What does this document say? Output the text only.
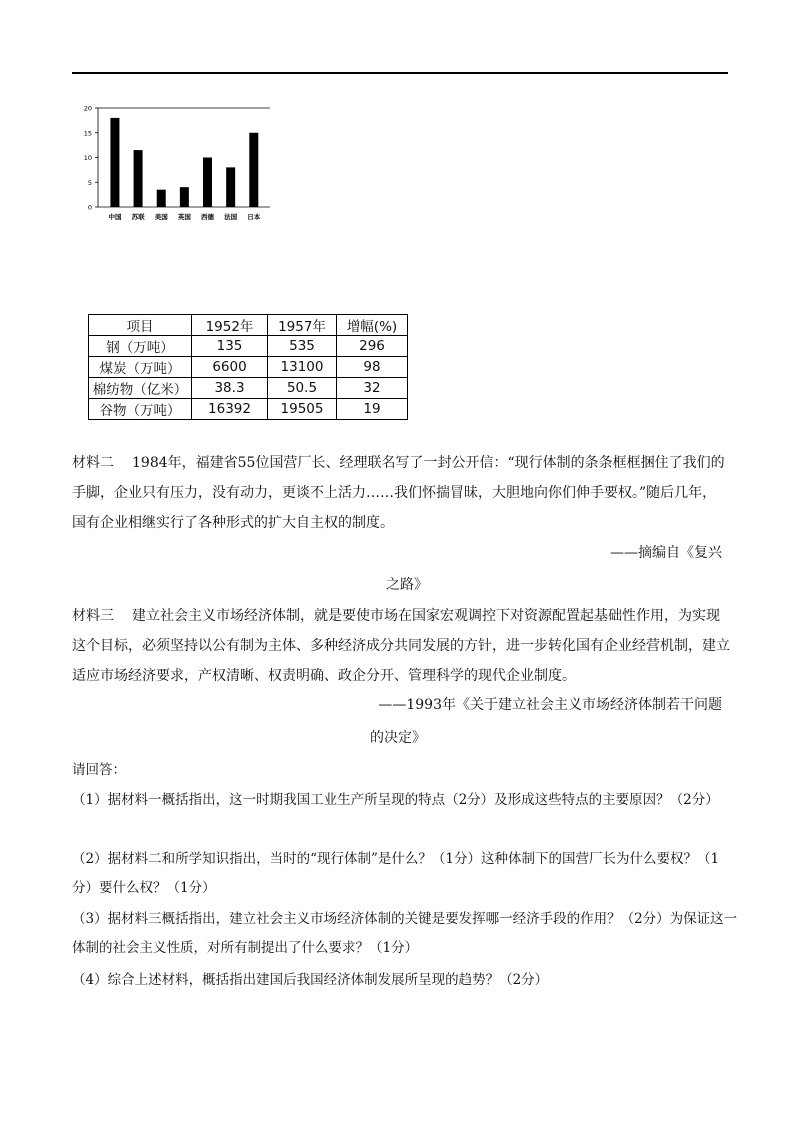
0
5
10
15
20
中国 苏联 美国 英国 西德 法国 日本
项目	1952年	1957年	增幅(%)
钢（万吨）	135	535	296
煤炭（万吨）	6600	13100	98
棉纺物（亿米）	38.3	50.5	32
谷物（万吨）	16392	19505	19

材料二 1984年，福建省55位国营厂长、经理联名写了一封公开信：“现行体制的条条框框捆住了我们的手脚，企业只有压力，没有动力，更谈不上活力……我们怀揣冒昧，大胆地向你们伸手要权。”随后几年，国有企业相继实行了各种形式的扩大自主权的制度。

——摘编自《复兴

之路》

材料三 建立社会主义市场经济体制，就是要使市场在国家宏观调控下对资源配置起基础性作用，为实现这个目标，必须坚持以公有制为主体、多种经济成分共同发展的方针，进一步转化国有企业经营机制，建立适应市场经济要求，产权清晰、权责明确、政企分开、管理科学的现代企业制度。

——1993年《关于建立社会主义市场经济体制若干问题

的决定》

请回答：

（1）据材料一概括指出，这一时期我国工业生产所呈现的特点（2分）及形成这些特点的主要原因？（2分）

（2）据材料二和所学知识指出，当时的“现行体制”是什么？（1分）这种体制下的国营厂长为什么要权？（1分）要什么权？（1分）

（3）据材料三概括指出，建立社会主义市场经济体制的关键是要发挥哪一经济手段的作用？（2分）为保证这一体制的社会主义性质，对所有制提出了什么要求？（1分）

（4）综合上述材料，概括指出建国后我国经济体制发展所呈现的趋势？（2分）
